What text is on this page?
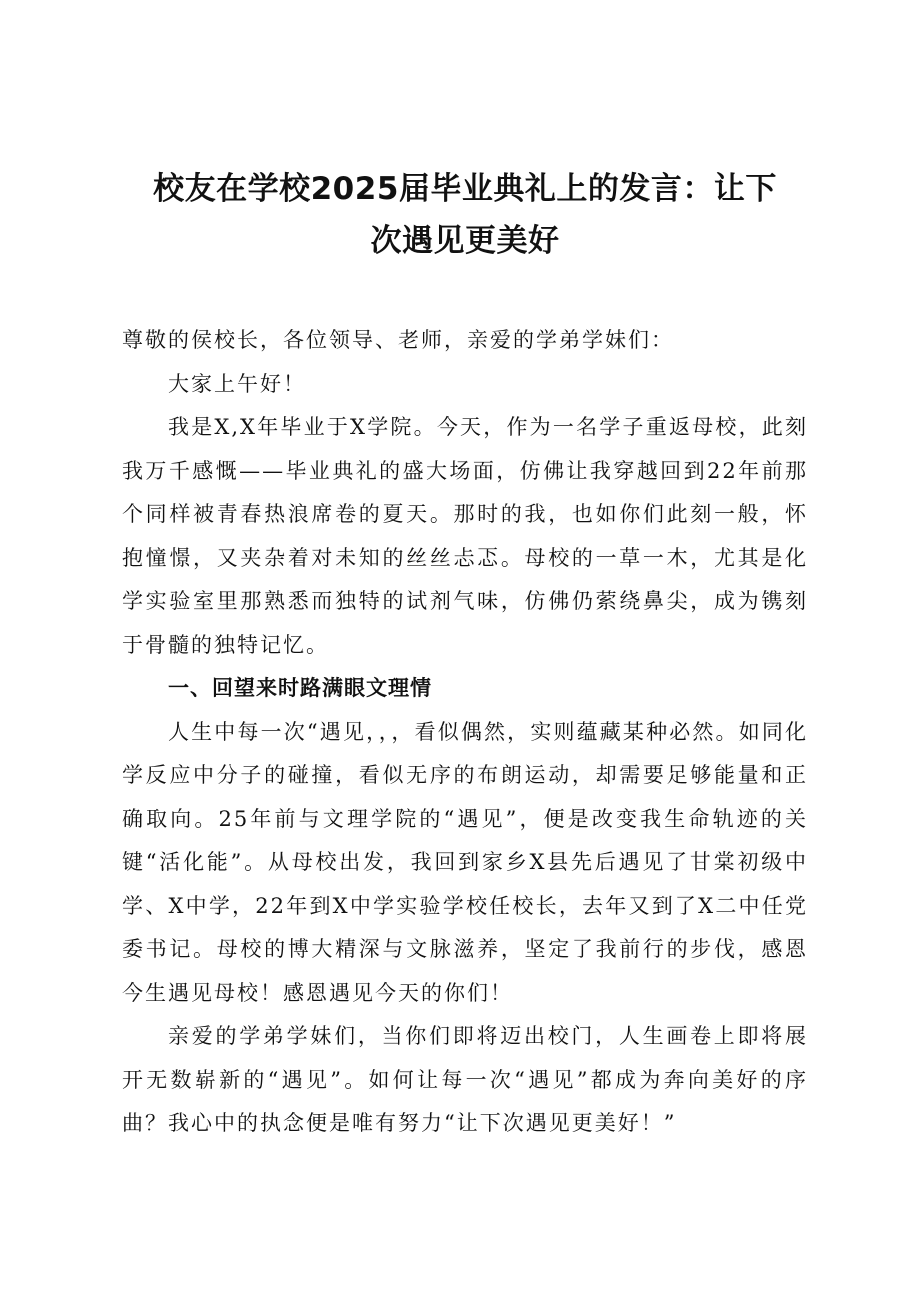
校友在学校2025届毕业典礼上的发言：让下
次遇见更美好

尊敬的侯校长，各位领导、老师，亲爱的学弟学妹们：

大家上午好！

我是X,X年毕业于X学院。今天，作为一名学子重返母校，此刻我万千感慨——毕业典礼的盛大场面，仿佛让我穿越回到22年前那个同样被青春热浪席卷的夏天。那时的我，也如你们此刻一般，怀抱憧憬，又夹杂着对未知的丝丝忐忑。母校的一草一木，尤其是化学实验室里那熟悉而独特的试剂气味，仿佛仍萦绕鼻尖，成为镌刻于骨髓的独特记忆。

一、回望来时路满眼文理情

人生中每一次“遇见，，，看似偶然，实则蕴藏某种必然。如同化学反应中分子的碰撞，看似无序的布朗运动，却需要足够能量和正确取向。25年前与文理学院的“遇见”，便是改变我生命轨迹的关键“活化能”。从母校出发，我回到家乡X县先后遇见了甘棠初级中学、X中学，22年到X中学实验学校任校长，去年又到了X二中任党委书记。母校的博大精深与文脉滋养，坚定了我前行的步伐，感恩今生遇见母校！感恩遇见今天的你们！

亲爱的学弟学妹们，当你们即将迈出校门，人生画卷上即将展开无数崭新的“遇见”。如何让每一次“遇见”都成为奔向美好的序曲？我心中的执念便是唯有努力“让下次遇见更美好！”
